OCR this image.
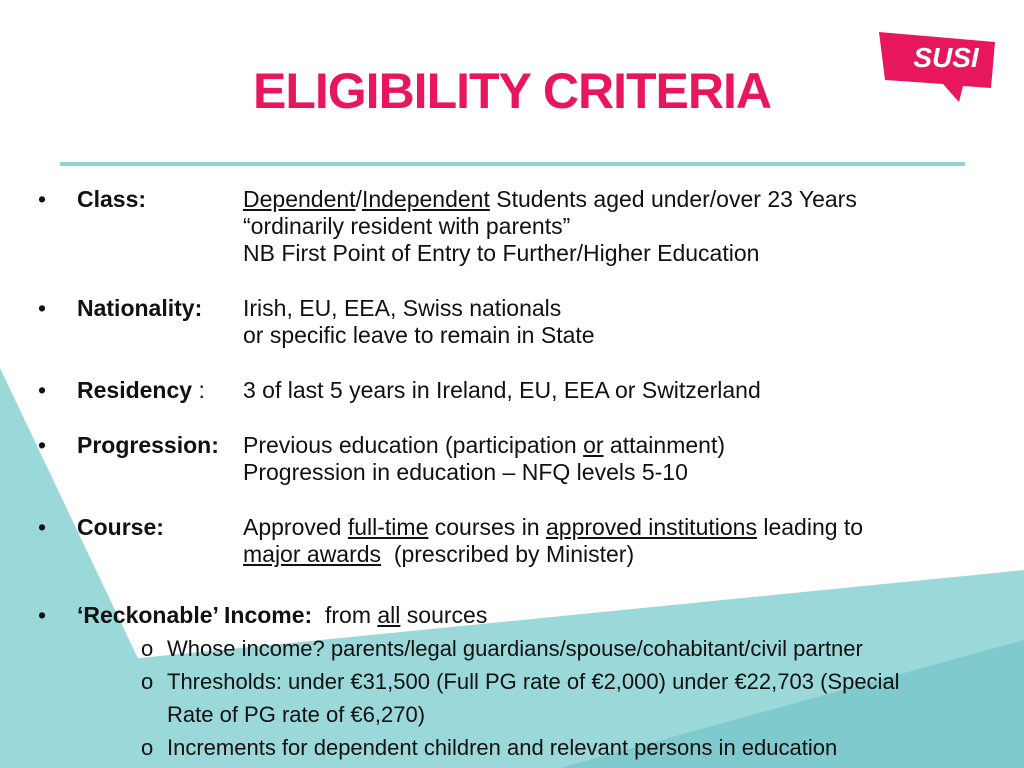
ELIGIBILITY CRITERIA
SUSI
• Class:	Dependent/Independent Students aged under/over 23 Years
“ordinarily resident with parents”
NB First Point of Entry to Further/Higher Education
• Nationality: Irish, EU, EEA, Swiss nationals
or specific leave to remain in State
• Residency : 3 of last 5 years in Ireland, EU, EEA or Switzerland
• Progression: Previous education (participation or attainment)
Progression in education – NFQ levels 5-10
• Course:	Approved full-time courses in approved institutions leading to
major awards  (prescribed by Minister)
• ‘Reckonable’ Income:  from all sources
o Whose income? parents/legal guardians/spouse/cohabitant/civil partner
o Thresholds: under €31,500 (Full PG rate of €2,000) under €22,703 (Special
Rate of PG rate of €6,270)
o Increments for dependent children and relevant persons in education
